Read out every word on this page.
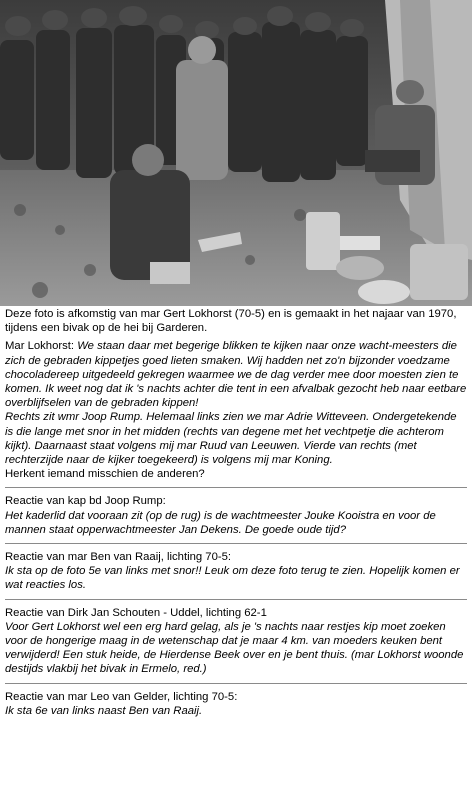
Deze foto is afkomstig van mar Gert Lokhorst (70-5) en is gemaakt in het najaar van 1970, tijdens een bivak op de hei bij Garderen.

Mar Lokhorst: We staan daar met begerige blikken te kijken naar onze wacht-meesters die zich de gebraden kippetjes goed lieten smaken. Wij hadden net zo'n bijzonder voedzame chocoladereep uitgedeeld gekregen waarmee we de dag verder mee door moesten zien te komen. Ik weet nog dat ik 's nachts achter die tent in een afvalbak gezocht heb naar eetbare overblijfselen van de gebraden kippen!

Rechts zit wmr Joop Rump. Helemaal links zien we mar Adrie Witteveen. Ondergetekende is die lange met snor in het midden (rechts van degene met het vechtpetje die achterom kijkt). Daarnaast staat volgens mij mar Ruud van Leeuwen. Vierde van rechts (met rechterzijde naar de kijker toegekeerd) is volgens mij mar Koning.

Herkent iemand misschien de anderen?

Reactie van kap bd Joop Rump:

Het kaderlid dat vooraan zit (op de rug) is de wachtmeester Jouke Kooistra en voor de mannen staat opperwachtmeester Jan Dekens. De goede oude tijd?

Reactie van mar Ben van Raaij, lichting 70-5:

Ik sta op de foto 5e van links met snor!! Leuk om deze foto terug te zien. Hopelijk komen er wat reacties los.

Reactie van Dirk Jan Schouten - Uddel, lichting 62-1

Voor Gert Lokhorst wel een erg hard gelag, als je 's nachts naar restjes kip moet zoeken voor de hongerige maag in de wetenschap dat je maar 4 km. van moeders keuken bent verwijderd! Een stuk heide, de Hierdense Beek over en je bent thuis. (mar Lokhorst woonde destijds vlakbij het bivak in Ermelo, red.)

Reactie van mar Leo van Gelder, lichting 70-5:

Ik sta 6e van links naast Ben van Raaij.
